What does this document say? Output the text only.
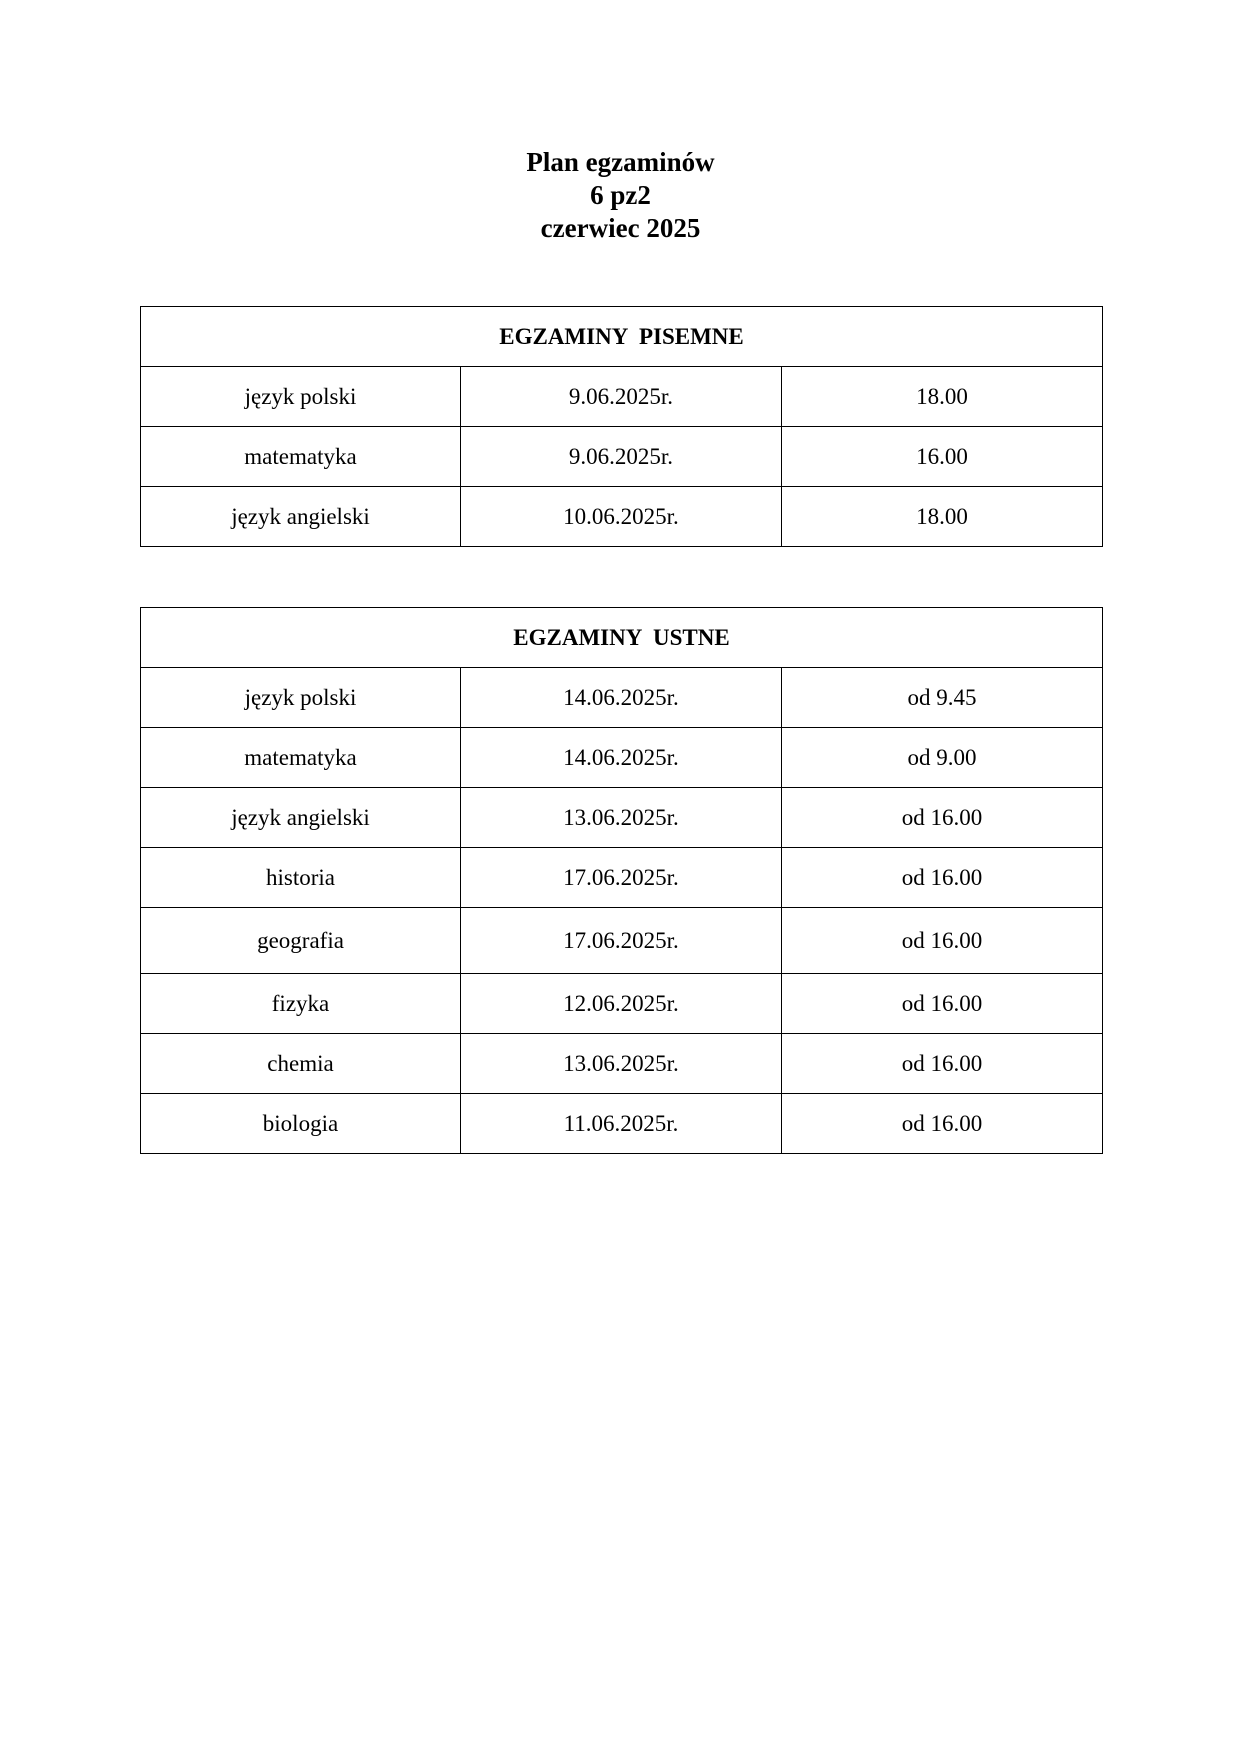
Plan egzaminów
6 pz2
czerwiec 2025
EGZAMINY  PISEMNE		
język polski	9.06.2025r.	18.00
matematyka	9.06.2025r.	16.00
język angielski	10.06.2025r.	18.00
EGZAMINY  USTNE		
język polski	14.06.2025r.	od 9.45
matematyka	14.06.2025r.	od 9.00
język angielski	13.06.2025r.	od 16.00
historia	17.06.2025r.	od 16.00
geografia	17.06.2025r.	od 16.00
fizyka	12.06.2025r.	od 16.00
chemia	13.06.2025r.	od 16.00
biologia	11.06.2025r.	od 16.00
